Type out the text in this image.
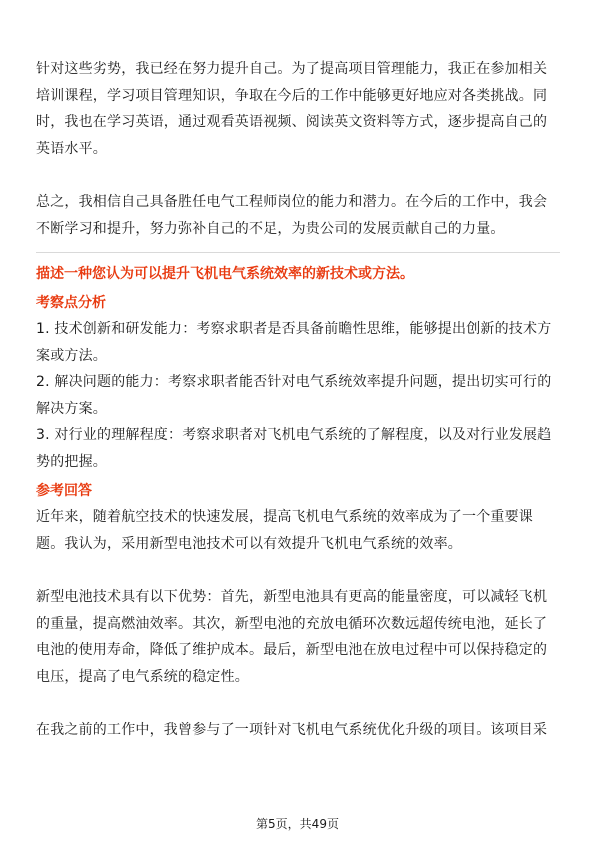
针对这些劣势，我已经在努力提升自己。为了提高项目管理能力，我正在参加相关培训课程，学习项目管理知识，争取在今后的工作中能够更好地应对各类挑战。同时，我也在学习英语，通过观看英语视频、阅读英文资料等方式，逐步提高自己的英语水平。

总之，我相信自己具备胜任电气工程师岗位的能力和潜力。在今后的工作中，我会不断学习和提升，努力弥补自己的不足，为贵公司的发展贡献自己的力量。

描述一种您认为可以提升飞机电气系统效率的新技术或方法。

考察点分析

1. 技术创新和研发能力：考察求职者是否具备前瞻性思维，能够提出创新的技术方案或方法。

2. 解决问题的能力：考察求职者能否针对电气系统效率提升问题，提出切实可行的解决方案。

3. 对行业的理解程度：考察求职者对飞机电气系统的了解程度，以及对行业发展趋势的把握。

参考回答

近年来，随着航空技术的快速发展，提高飞机电气系统的效率成为了一个重要课题。我认为，采用新型电池技术可以有效提升飞机电气系统的效率。

新型电池技术具有以下优势：首先，新型电池具有更高的能量密度，可以减轻飞机的重量，提高燃油效率。其次，新型电池的充放电循环次数远超传统电池，延长了电池的使用寿命，降低了维护成本。最后，新型电池在放电过程中可以保持稳定的电压，提高了电气系统的稳定性。

在我之前的工作中，我曾参与了一项针对飞机电气系统优化升级的项目。该项目采

第5页，共49页
